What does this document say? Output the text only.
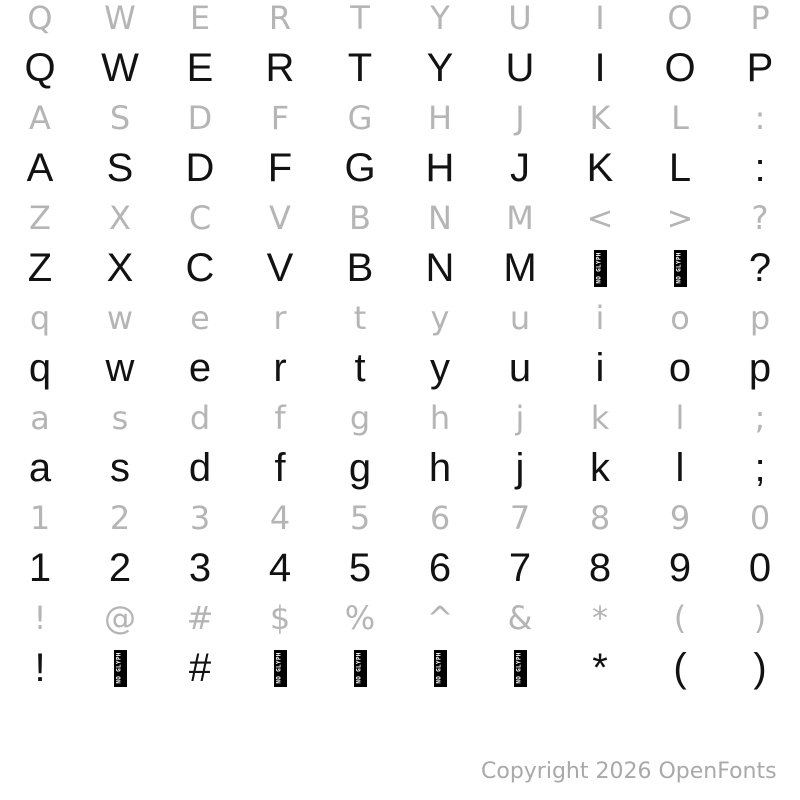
Q	W	E	R	T	Y	U	I	O	P
Q	W	E	R	T	Y	U	I	O	P
A	S	D	F	G	H	J	K	L	:
A	S	D	F	G	H	J	K	L	:
Z	X	C	V	B	N	M	<	>	?
Z	X	C	V	B	N	M	NO GLYPH	NO GLYPH	?
q	w	e	r	t	y	u	i	o	p
q	w	e	r	t	y	u	i	o	p
a	s	d	f	g	h	j	k	l	;
a	s	d	f	g	h	j	k	l	;
1	2	3	4	5	6	7	8	9	0
1	2	3	4	5	6	7	8	9	0
!	@	#	$	%	^	&	*	(	)
!	NO GLYPH	#	NO GLYPH	NO GLYPH	NO GLYPH	NO GLYPH	*	(	)
Copyright 2026 OpenFonts
